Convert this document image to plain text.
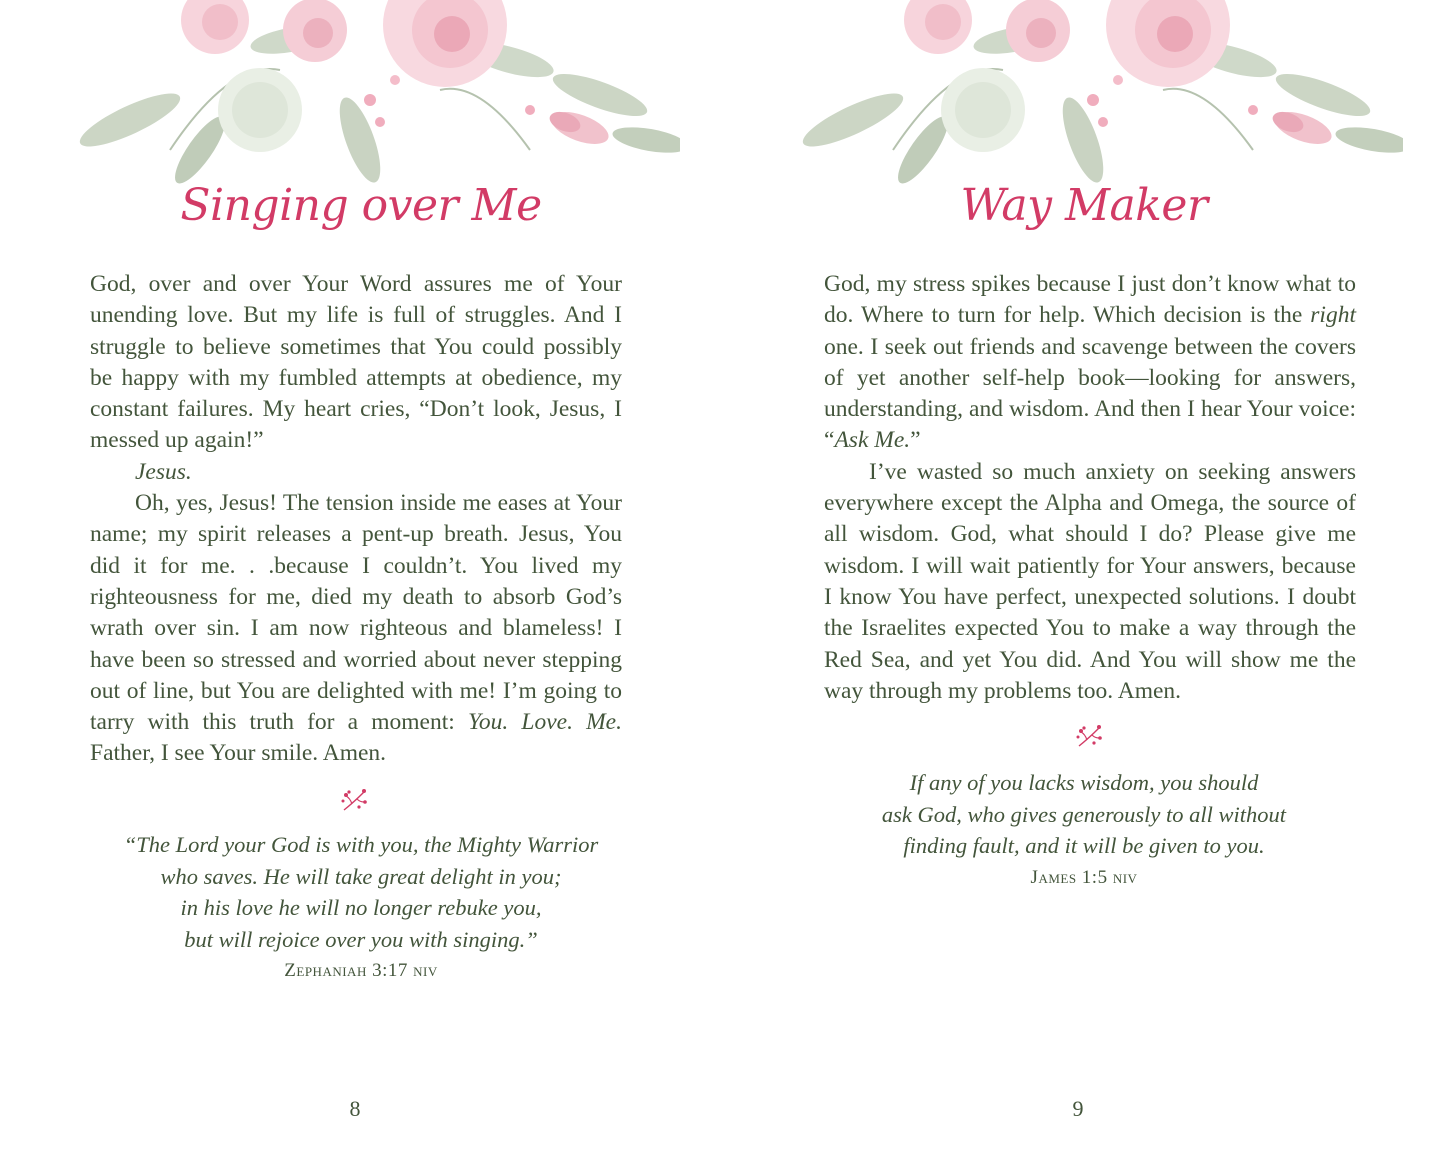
Singing over Me

God, over and over Your Word assures me of Your unending love. But my life is full of struggles. And I struggle to believe sometimes that You could possibly be happy with my fumbled attempts at obedience, my constant failures. My heart cries, “Don’t look, Jesus, I messed up again!”

Jesus.

Oh, yes, Jesus! The tension inside me eases at Your name; my spirit releases a pent-up breath. Jesus, You did it for me. . .because I couldn’t. You lived my righteousness for me, died my death to absorb God’s wrath over sin. I am now righteous and blameless! I have been so stressed and worried about never stepping out of line, but You are delighted with me! I’m going to tarry with this truth for a moment: You. Love. Me. Father, I see Your smile. Amen.

“The Lord your God is with you, the Mighty Warrior
who saves. He will take great delight in you;
in his love he will no longer rebuke you,
but will rejoice over you with singing.”
Zephaniah 3:17 niv
8
Way Maker

God, my stress spikes because I just don’t know what to do. Where to turn for help. Which decision is the right one. I seek out friends and scavenge between the covers of yet another self-help book—looking for answers, understanding, and wisdom. And then I hear Your voice: “Ask Me.”

I’ve wasted so much anxiety on seeking answers everywhere except the Alpha and Omega, the source of all wisdom. God, what should I do? Please give me wisdom. I will wait patiently for Your answers, because I know You have perfect, unexpected solutions. I doubt the Israelites expected You to make a way through the Red Sea, and yet You did. And You will show me the way through my problems too. Amen.

If any of you lacks wisdom, you should
ask God, who gives generously to all without
finding fault, and it will be given to you.
James 1:5 niv
9
